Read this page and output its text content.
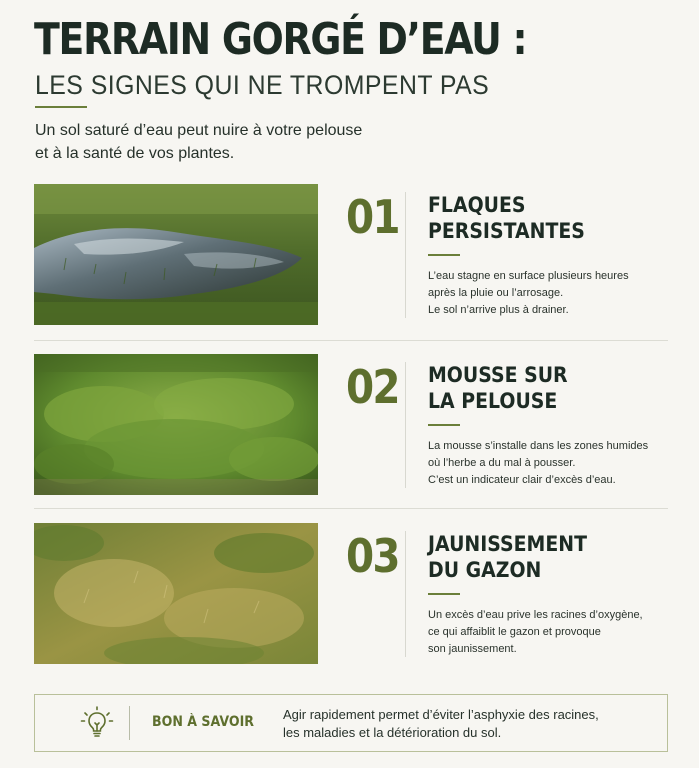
TERRAIN GORGÉ D’EAU :
LES SIGNES QUI NE TROMPENT PAS
Un sol saturé d’eau peut nuire à votre pelouse
et à la santé de vos plantes.
01 FLAQUES
PERSISTANTES
L’eau stagne en surface plusieurs heures
après la pluie ou l’arrosage.
Le sol n’arrive plus à drainer.
02 MOUSSE SUR
LA PELOUSE
La mousse s’installe dans les zones humides
où l’herbe a du mal à pousser.
C’est un indicateur clair d’excès d’eau.
03 JAUNISSEMENT
DU GAZON
Un excès d’eau prive les racines d’oxygène,
ce qui affaiblit le gazon et provoque
son jaunissement.
BON À SAVOIR Agir rapidement permet d’éviter l’asphyxie des racines,
les maladies et la détérioration du sol.
